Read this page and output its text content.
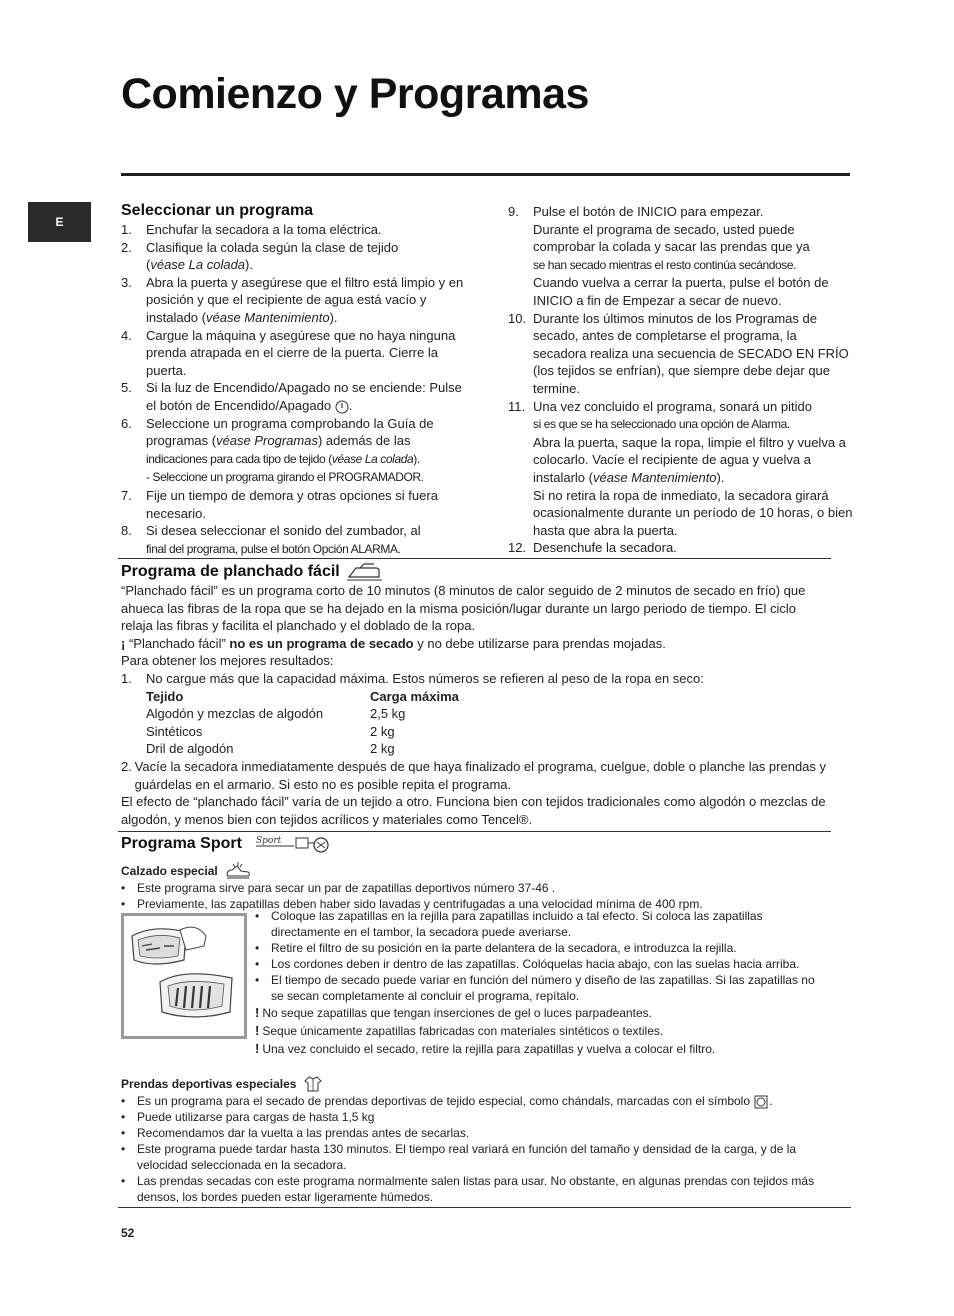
Comienzo y Programas
E
Seleccionar un programa
1.	Enchufar la secadora a la toma eléctrica.
2.	Clasifique la colada según la clase de tejido
(véase La colada).
3.	Abra la puerta y asegúrese que el filtro está limpio y en posición y que el recipiente de agua está vacío y instalado (véase Mantenimiento).
4.	Cargue la máquina y asegúrese que no haya ninguna prenda atrapada en el cierre de la puerta. Cierre la puerta.
5.	Si la luz de Encendido/Apagado no se enciende: Pulse el botón de Encendido/Apagado .
6.	Seleccione un programa comprobando la Guía de programas (véase Programas) además de las
indicaciones para cada tipo de tejido (véase La colada).
- Seleccione un programa girando el PROGRAMADOR.
7.	Fije un tiempo de demora y otras opciones si fuera necesario.
8.	Si desea seleccionar el sonido del zumbador, al
final del programa, pulse el botón Opción ALARMA.
9.	Pulse el botón de INICIO para empezar.
Durante el programa de secado, usted puede comprobar la colada y sacar las prendas que ya
se han secado mientras el resto continúa secándose.
Cuando vuelva a cerrar la puerta, pulse el botón de INICIO a fin de Empezar a secar de nuevo.
10. Durante los últimos minutos de los Programas de secado, antes de completarse el programa, la secadora realiza una secuencia de SECADO EN FRÍO (los tejidos se enfrían), que siempre debe dejar que termine.
11. Una vez concluido el programa, sonará un pitido
si es que se ha seleccionado una opción de Alarma.
Abra la puerta, saque la ropa, limpie el filtro y vuelva a colocarlo. Vacíe el recipiente de agua y vuelva a instalarlo (véase Mantenimiento).
Si no retira la ropa de inmediato, la secadora girará ocasionalmente durante un período de 10 horas, o bien hasta que abra la puerta.
12. Desenchufe la secadora.
Programa de planchado fácil

“Planchado fácil” es un programa corto de 10 minutos (8 minutos de calor seguido de 2 minutos de secado en frío) que ahueca las fibras de la ropa que se ha dejado en la misma posición/lugar durante un largo periodo de tiempo. El ciclo relaja las fibras y facilita el planchado y el doblado de la ropa.

¡ “Planchado fácil” no es un programa de secado y no debe utilizarse para prendas mojadas.

Para obtener los mejores resultados:

1.	No cargue más que la capacidad máxima. Estos números se refieren al peso de la ropa en seco:
Tejido	Carga máxima
Algodón y mezclas de algodón	2,5 kg
Sintéticos	2 kg
Dril de algodón	2 kg
2. Vacíe la secadora inmediatamente después de que haya finalizado el programa, cuelgue, doble o planche las prendas y guárdelas en el armario. Si esto no es posible repita el programa.

El efecto de “planchado fácil” varía de un tejido a otro. Funciona bien con tejidos tradicionales como algodón o mezclas de algodón, y menos bien con tejidos acrílicos y materiales como Tencel®.

Programa Sport Sport
Calzado especial
• Este programa sirve para secar un par de zapatillas deportivos número 37-46 .
• Previamente, las zapatillas deben haber sido lavadas y centrifugadas a una velocidad mínima de 400 rpm.
• Coloque las zapatillas en la rejilla para zapatillas incluido a tal efecto. Si coloca las zapatillas directamente en el tambor, la secadora puede averiarse.
• Retire el filtro de su posición en la parte delantera de la secadora, e introduzca la rejilla.
• Los cordones deben ir dentro de las zapatillas. Colóquelas hacia abajo, con las suelas hacia arriba.
• El tiempo de secado puede variar en función del número y diseño de las zapatillas. Si las zapatillas no se secan completamente al concluir el programa, repítalo.

! No seque zapatillas que tengan inserciones de gel o luces parpadeantes.

! Seque únicamente zapatillas fabricadas con materiales sintéticos o textiles.

! Una vez concluido el secado, retire la rejilla para zapatillas y vuelva a colocar el filtro.

Prendas deportivas especiales
• Es un programa para el secado de prendas deportivas de tejido especial, como chándals, marcadas con el símbolo .
• Puede utilizarse para cargas de hasta 1,5 kg
• Recomendamos dar la vuelta a las prendas antes de secarlas.
• Este programa puede tardar hasta 130 minutos. El tiempo real variará en función del tamaño y densidad de la carga, y de la velocidad seleccionada en la secadora.
• Las prendas secadas con este programa normalmente salen listas para usar. No obstante, en algunas prendas con tejidos más densos, los bordes pueden estar ligeramente húmedos.
52
